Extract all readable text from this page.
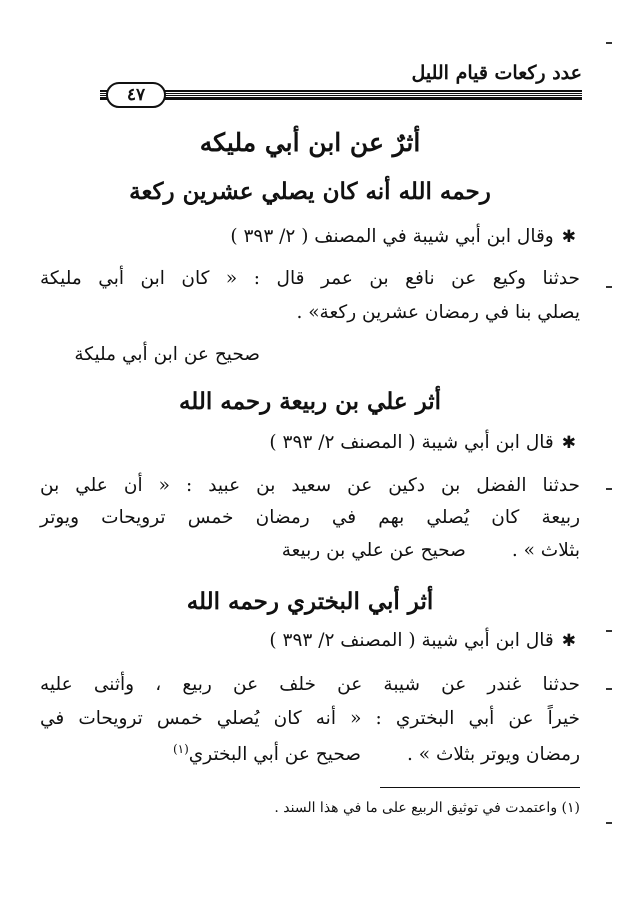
عدد ركعات قيام الليل
٤٧
أثرٌ عن ابن أبي مليكه
رحمه الله أنه كان يصلي عشرين ركعة
✱وقال ابن أبي شيبة في المصنف ( ٢/ ٣٩٣ )
حدثنا وكيع عن نافع بن عمر قال : « كان ابن أبي مليكة
يصلي بنا في رمضان عشرين ركعة» .
صحيح عن ابن أبي مليكة
أثر علي بن ربيعة رحمه الله
✱قال ابن أبي شيبة ( المصنف ٢/ ٣٩٣ )
حدثنا الفضل بن دكين عن سعيد بن عبيد : « أن علي بن
ربيعة كان يُصلي بهم في رمضان خمس ترويحات ويوتر
بثلاث » .صحيح عن علي بن ربيعة
أثر أبي البختري رحمه الله
✱قال ابن أبي شيبة ( المصنف ٢/ ٣٩٣ )
حدثنا غندر عن شيبة عن خلف عن ربيع ، وأثنى عليه
خيراً عن أبي البختري : « أنه كان يُصلي خمس ترويحات في
رمضان ويوتر بثلاث » .صحيح عن أبي البختري$^{(١)}$
(١) واعتمدت في توثيق الربيع على ما في هذا السند .
